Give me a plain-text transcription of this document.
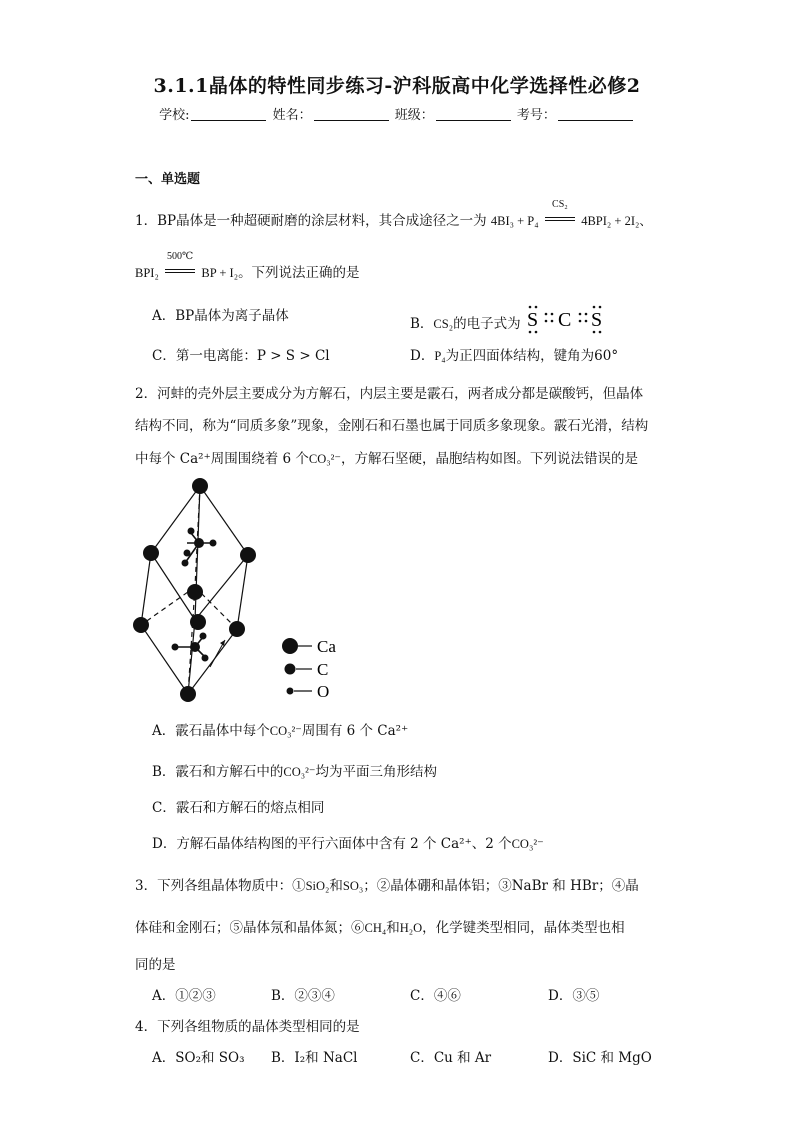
3.1.1晶体的特性同步练习-沪科版高中化学选择性必修2
学校:	姓名：	班级：	考号：
一、单选题
1．BP晶体是一种超硬耐磨的涂层材料，其合成途径之一为 4BI₃ + P₄
CS₂
4BPI₂ + 2I₂、
BPI₂
500℃
BP + I₂。下列说法正确的是
A．BP晶体为离子晶体	B．CS₂的电子式为 S C S
C．第一电离能：P > S > Cl	D．P₄为正四面体结构，键角为60°
2．河蚌的壳外层主要成分为方解石，内层主要是霰石，两者成分都是碳酸钙，但晶体
结构不同，称为“同质多象”现象，金刚石和石墨也属于同质多象现象。霰石光滑，结构
中每个 Ca²⁺周围围绕着 6 个CO₃²⁻，方解石坚硬，晶胞结构如图。下列说法错误的是
Ca
C
O
A．霰石晶体中每个CO₃²⁻周围有 6 个 Ca²⁺
B．霰石和方解石中的CO₃²⁻均为平面三角形结构
C．霰石和方解石的熔点相同
D．方解石晶体结构图的平行六面体中含有 2 个 Ca²⁺、2 个CO₃²⁻
3．下列各组晶体物质中：①SiO₂和SO₃；②晶体硼和晶体铝；③NaBr 和 HBr；④晶
体硅和金刚石；⑤晶体氖和晶体氮；⑥CH₄和H₂O，化学键类型相同，晶体类型也相
同的是
A．①②③	B．②③④	C．④⑥	D．③⑤
4．下列各组物质的晶体类型相同的是
A．SO₂和 SO₃ B．I₂和 NaCl	C．Cu 和 Ar	D．SiC 和 MgO
